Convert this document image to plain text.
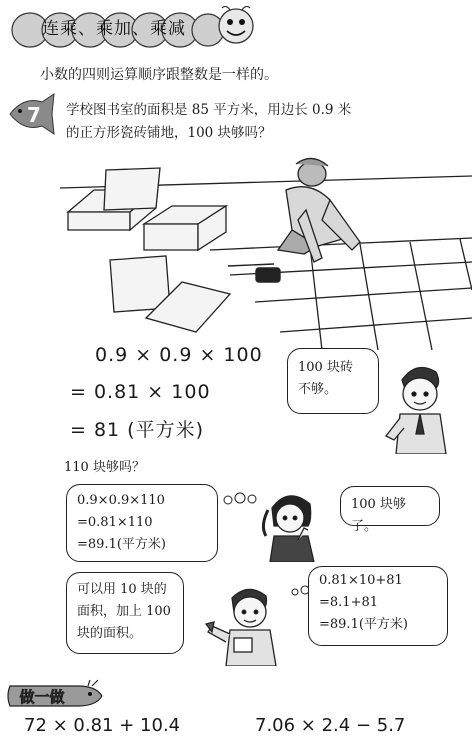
连乘、乘加、乘减
小数的四则运算顺序跟整数是一样的。
7 学校图书室的面积是 85 平方米，用边长 0.9 米
的正方形瓷砖铺地，100 块够吗？
0.9 × 0.9 × 100
= 0.81 × 100
= 81 (平方米)
100 块砖
不够。
110 块够吗？
0.9×0.9×110
=0.81×110
=89.1(平方米)
100 块够了。
可以用 10 块的
面积，加上 100
块的面积。
0.81×10+81
=8.1+81
=89.1(平方米)
做一做
72 × 0.81 + 10.4	7.06 × 2.4 − 5.7
